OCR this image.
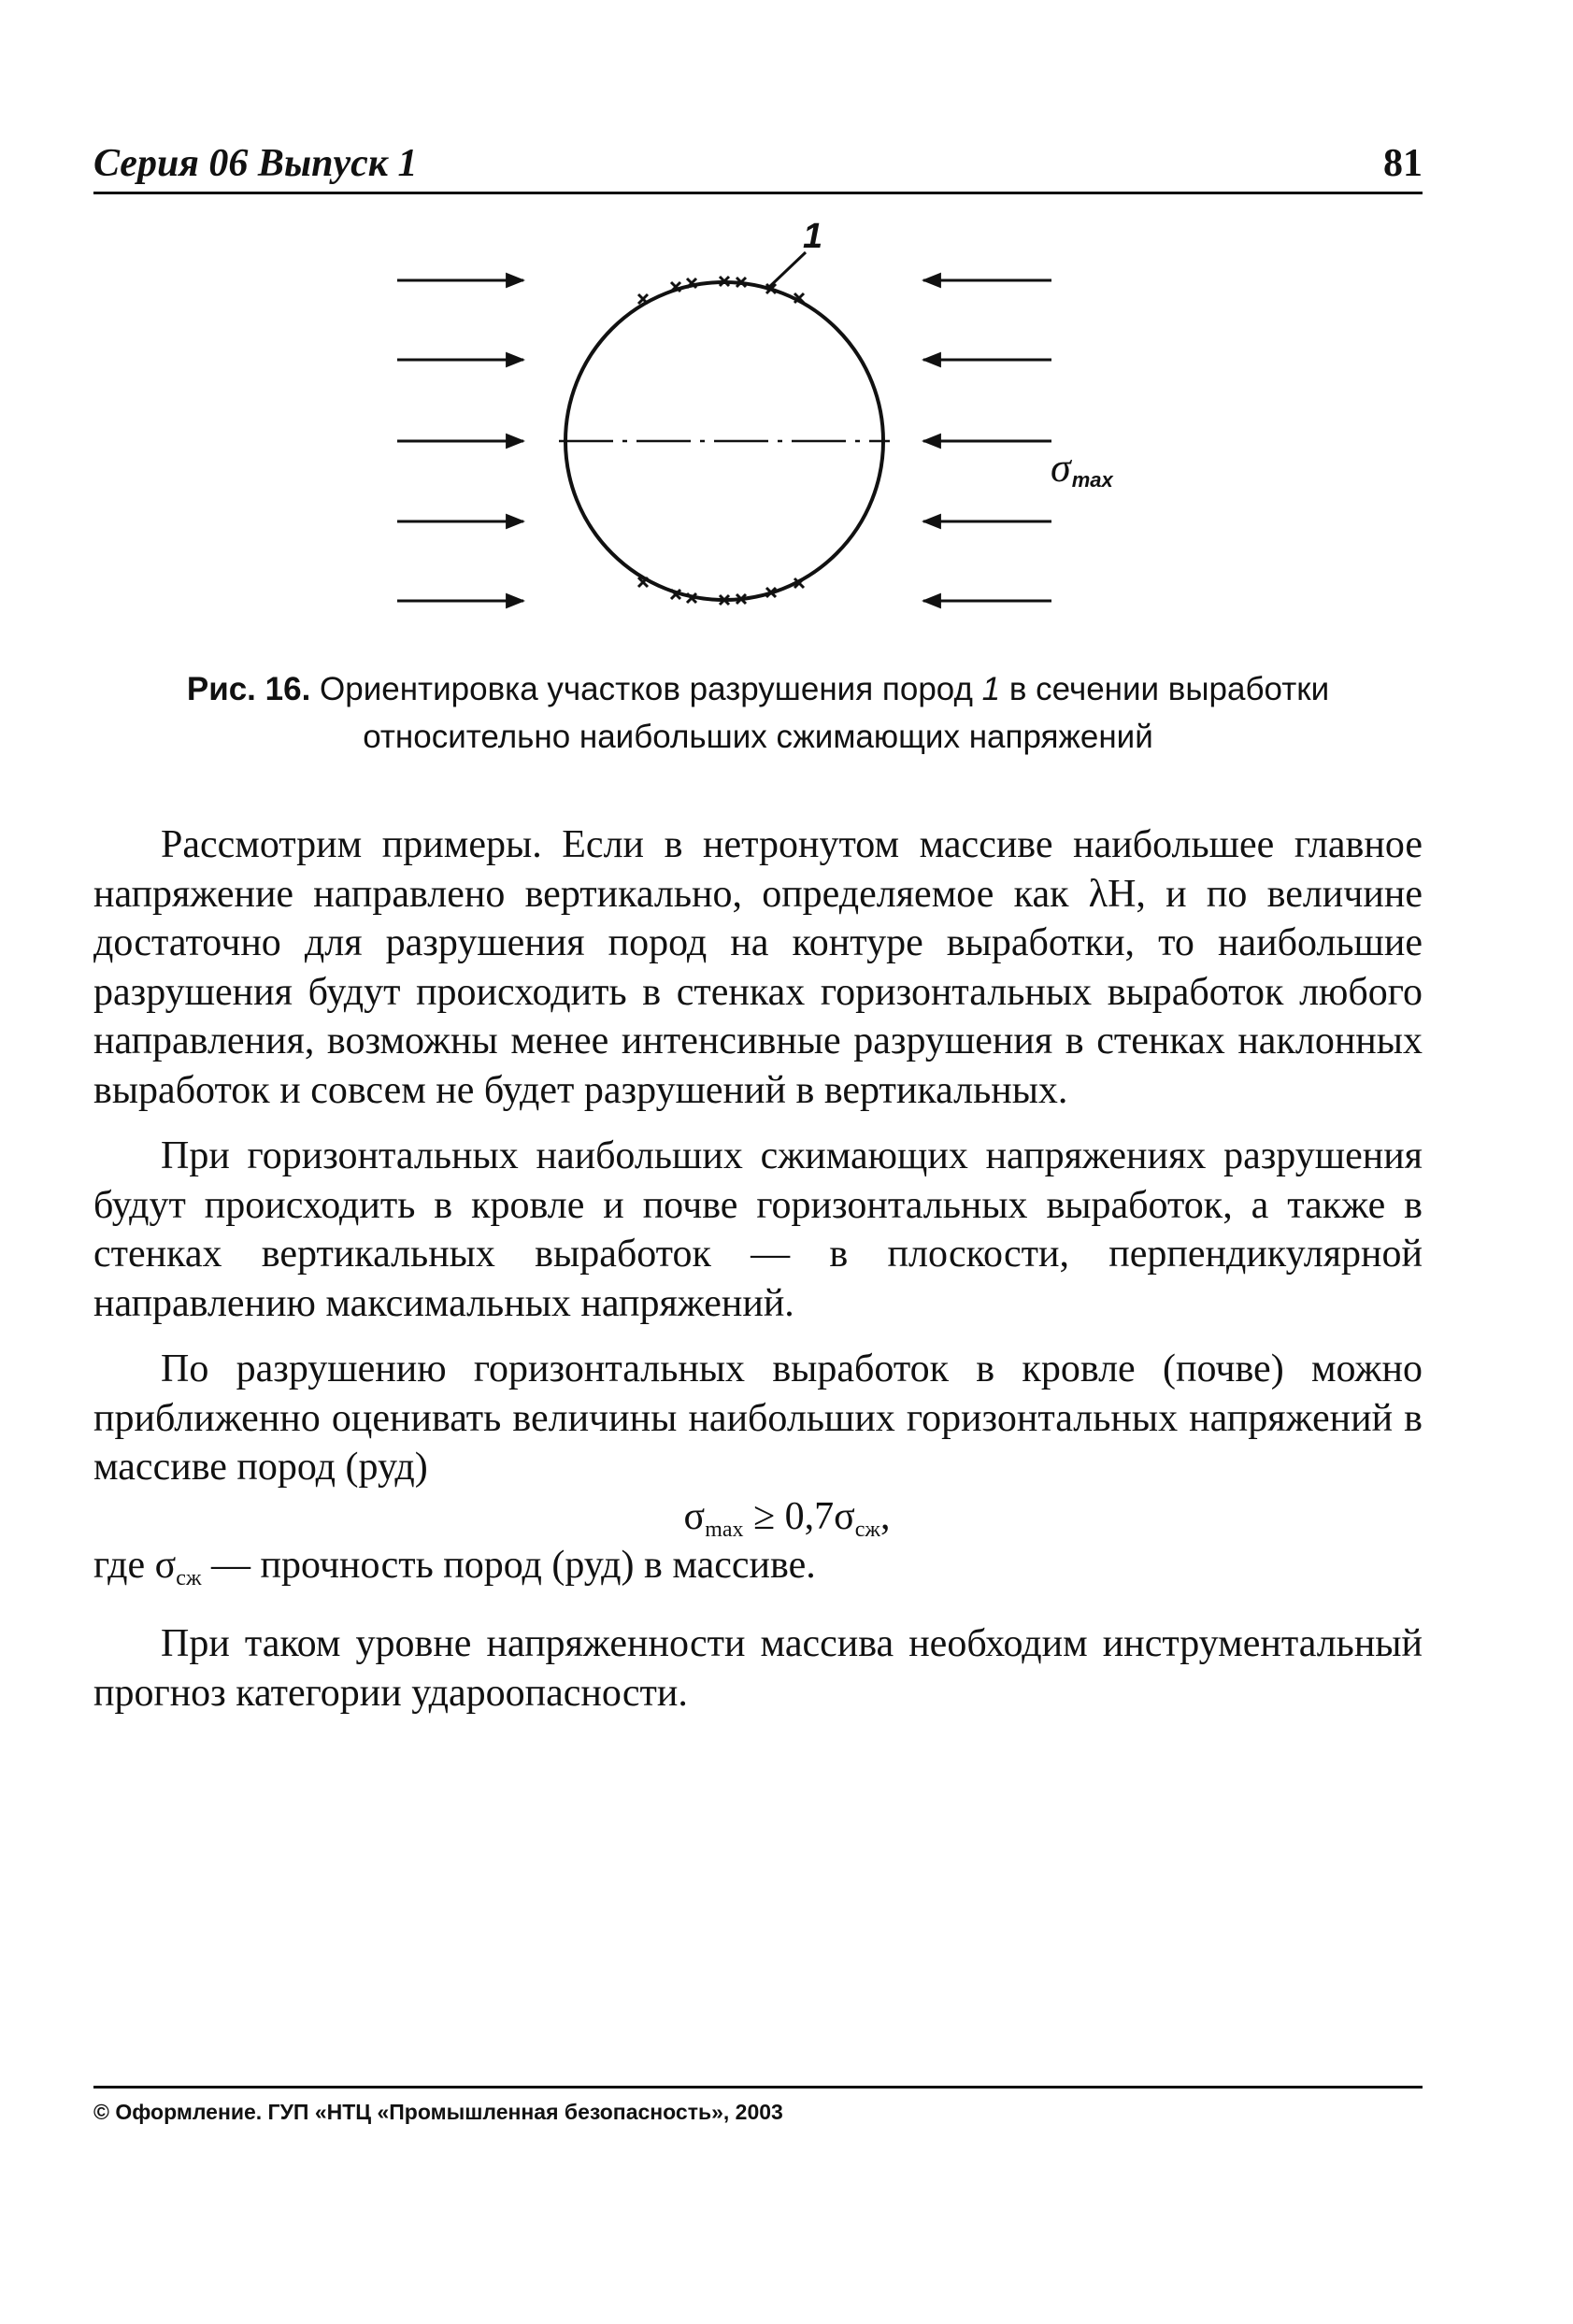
Серия 06 Выпуск 1	81
1
$\sigma_{max}$
Рис. 16. Ориентировка участков разрушения пород 1 в сечении выработки относительно наибольших сжимающих напряжений

Рассмотрим примеры. Если в нетронутом массиве наибольшее главное напряжение направлено вертикально, определяемое как λH, и по величине достаточно для разрушения пород на контуре выработки, то наибольшие разрушения будут происходить в стенках горизонтальных выработок любого направления, возможны менее интенсивные разрушения в стенках наклонных выработок и совсем не будет разрушений в вертикальных.

При горизонтальных наибольших сжимающих напряжениях разрушения будут происходить в кровле и почве горизонтальных выработок, а также в стенках вертикальных выработок — в плоскости, перпендикулярной направлению максимальных напряжений.

По разрушению горизонтальных выработок в кровле (почве) можно приближенно оценивать величины наибольших горизонтальных напряжений в массиве пород (руд)

$\sigma_{max} \ge 0,7\sigma_{сж}$,
где $\sigma_{сж}$ — прочность пород (руд) в массиве.

При таком уровне напряженности массива необходим инструментальный прогноз категории удароопасности.

© Оформление. ГУП «НТЦ «Промышленная безопасность», 2003
